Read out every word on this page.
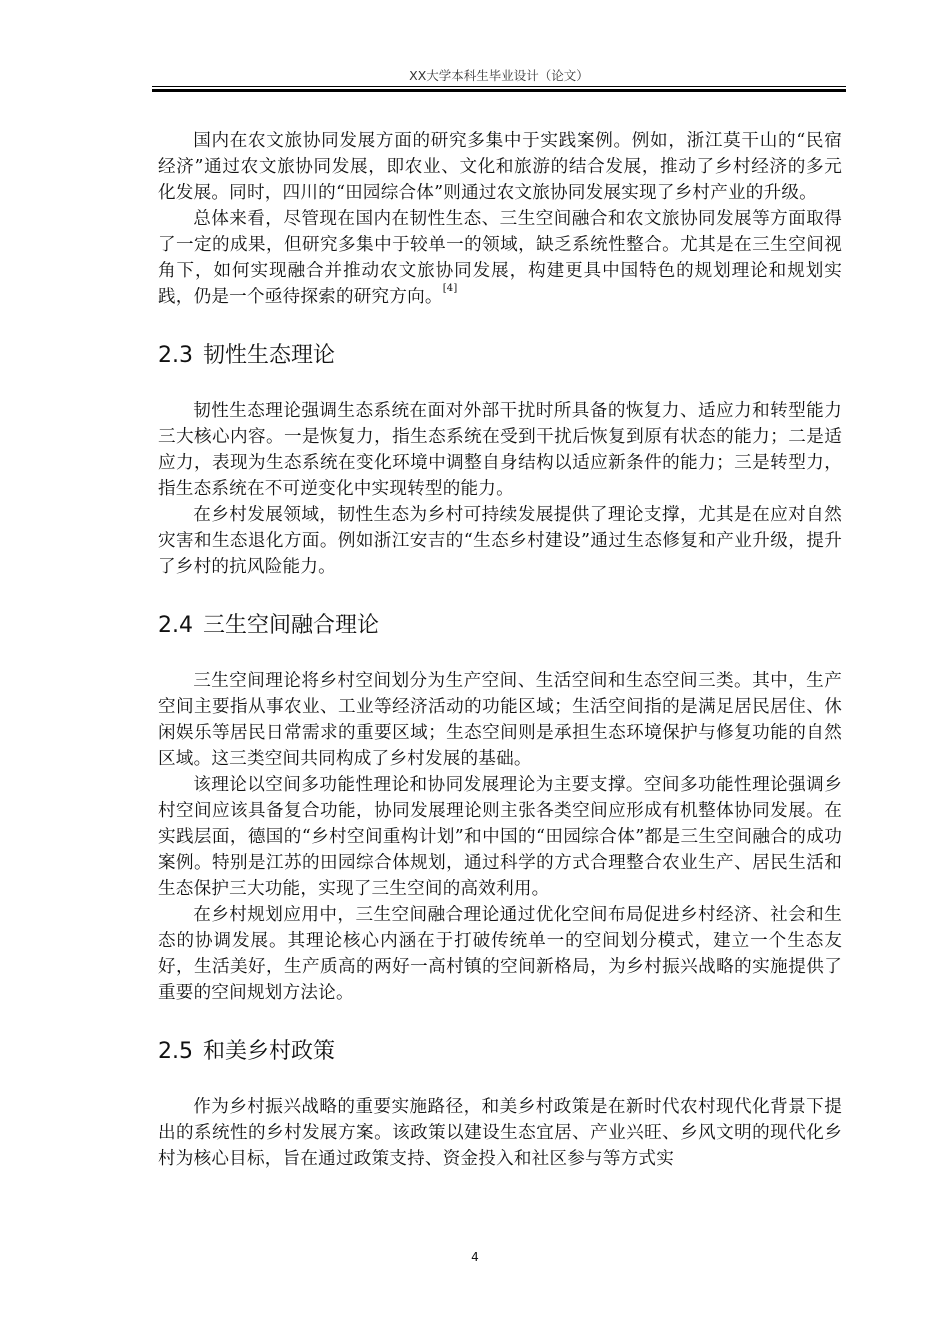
XX大学本科生毕业设计（论文）

国内在农文旅协同发展方面的研究多集中于实践案例。例如，浙江莫干山的“民宿经济”通过农文旅协同发展，即农业、文化和旅游的结合发展，推动了乡村经济的多元化发展。同时，四川的“田园综合体”则通过农文旅协同发展实现了乡村产业的升级。

总体来看，尽管现在国内在韧性生态、三生空间融合和农文旅协同发展等方面取得了一定的成果，但研究多集中于较单一的领域，缺乏系统性整合。尤其是在三生空间视角下，如何实现融合并推动农文旅协同发展，构建更具中国特色的规划理论和规划实践，仍是一个亟待探索的研究方向。[4]

2.3 韧性生态理论

韧性生态理论强调生态系统在面对外部干扰时所具备的恢复力、适应力和转型能力三大核心内容。一是恢复力，指生态系统在受到干扰后恢复到原有状态的能力；二是适应力，表现为生态系统在变化环境中调整自身结构以适应新条件的能力；三是转型力，指生态系统在不可逆变化中实现转型的能力。

在乡村发展领域，韧性生态为乡村可持续发展提供了理论支撑，尤其是在应对自然灾害和生态退化方面。例如浙江安吉的“生态乡村建设”通过生态修复和产业升级，提升了乡村的抗风险能力。

2.4 三生空间融合理论

三生空间理论将乡村空间划分为生产空间、生活空间和生态空间三类。其中，生产空间主要指从事农业、工业等经济活动的功能区域；生活空间指的是满足居民居住、休闲娱乐等居民日常需求的重要区域；生态空间则是承担生态环境保护与修复功能的自然区域。这三类空间共同构成了乡村发展的基础。

该理论以空间多功能性理论和协同发展理论为主要支撑。空间多功能性理论强调乡村空间应该具备复合功能，协同发展理论则主张各类空间应形成有机整体协同发展。在实践层面，德国的“乡村空间重构计划”和中国的“田园综合体”都是三生空间融合的成功案例。特别是江苏的田园综合体规划，通过科学的方式合理整合农业生产、居民生活和生态保护三大功能，实现了三生空间的高效利用。

在乡村规划应用中，三生空间融合理论通过优化空间布局促进乡村经济、社会和生态的协调发展。其理论核心内涵在于打破传统单一的空间划分模式，建立一个生态友好，生活美好，生产质高的两好一高村镇的空间新格局，为乡村振兴战略的实施提供了重要的空间规划方法论。

2.5 和美乡村政策

作为乡村振兴战略的重要实施路径，和美乡村政策是在新时代农村现代化背景下提出的系统性的乡村发展方案。该政策以建设生态宜居、产业兴旺、乡风文明的现代化乡村为核心目标，旨在通过政策支持、资金投入和社区参与等方式实

4
